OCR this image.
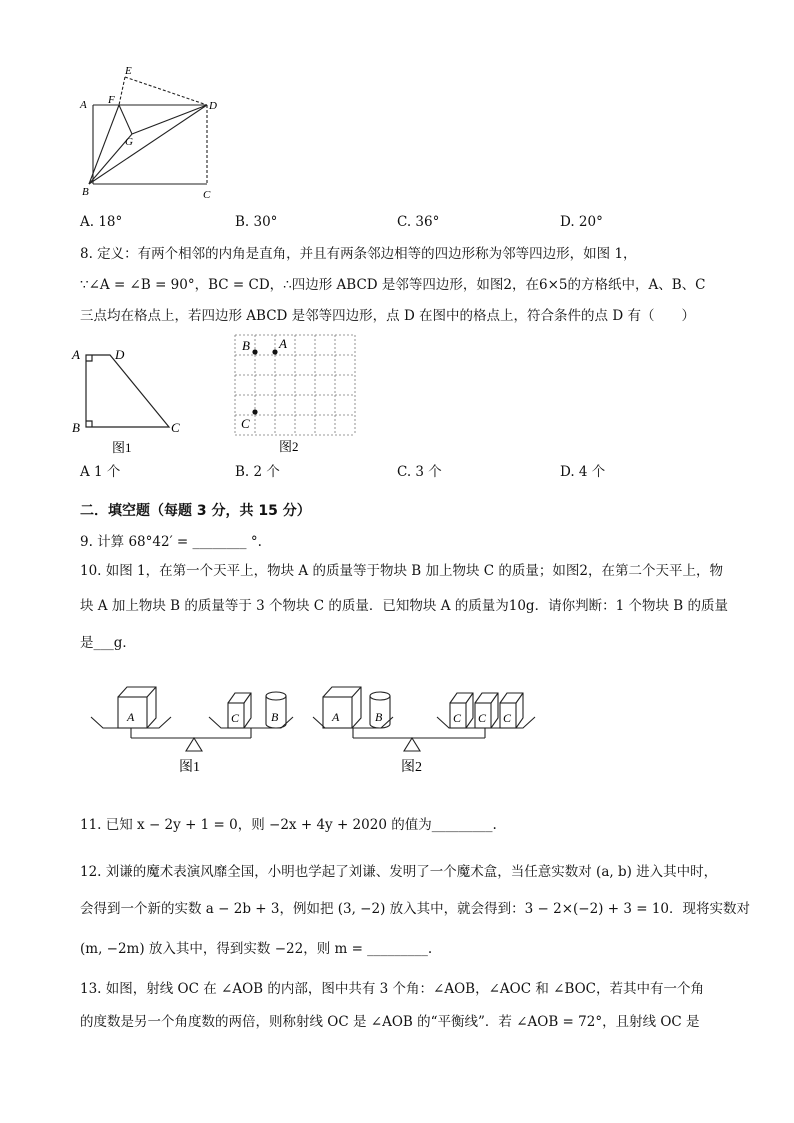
E
A F	D
G
B	C
A. 18°	B. 30°	C. 36°	D. 20°
8. 定义：有两个相邻的内角是直角，并且有两条邻边相等的四边形称为邻等四边形，如图 1，
∵∠A = ∠B = 90°，BC = CD，∴四边形 ABCD 是邻等四边形，如图2，在6×5的方格纸中，A、B、C
三点均在格点上，若四边形 ABCD 是邻等四边形，点 D 在图中的格点上，符合条件的点 D 有（　　）
A	D
B	C
图1
B A
C
图2
A 1 个	B. 2 个	C. 3 个	D. 4 个
二．填空题（每题 3 分，共 15 分）
9. 计算 68°42′ = ________ °.
10. 如图 1，在第一个天平上，物块 A 的质量等于物块 B 加上物块 C 的质量；如图2，在第二个天平上，物
块 A 加上物块 B 的质量等于 3 个物块 C 的质量．已知物块 A 的质量为10g．请你判断：1 个物块 B 的质量
是___g．
A	C	B
图1
A	B	C C C
图2
11. 已知 x − 2y + 1 = 0，则 −2x + 4y + 2020 的值为_________.
12. 刘谦的魔术表演风靡全国，小明也学起了刘谦、发明了一个魔术盒，当任意实数对 (a, b) 进入其中时，
会得到一个新的实数 a − 2b + 3，例如把 (3, −2) 放入其中，就会得到：3 − 2×(−2) + 3 = 10．现将实数对
(m, −2m) 放入其中，得到实数 −22，则 m = _________.
13. 如图，射线 OC 在 ∠AOB 的内部，图中共有 3 个角：∠AOB，∠AOC 和 ∠BOC，若其中有一个角
的度数是另一个角度数的两倍，则称射线 OC 是 ∠AOB 的“平衡线”．若 ∠AOB = 72°，且射线 OC 是
